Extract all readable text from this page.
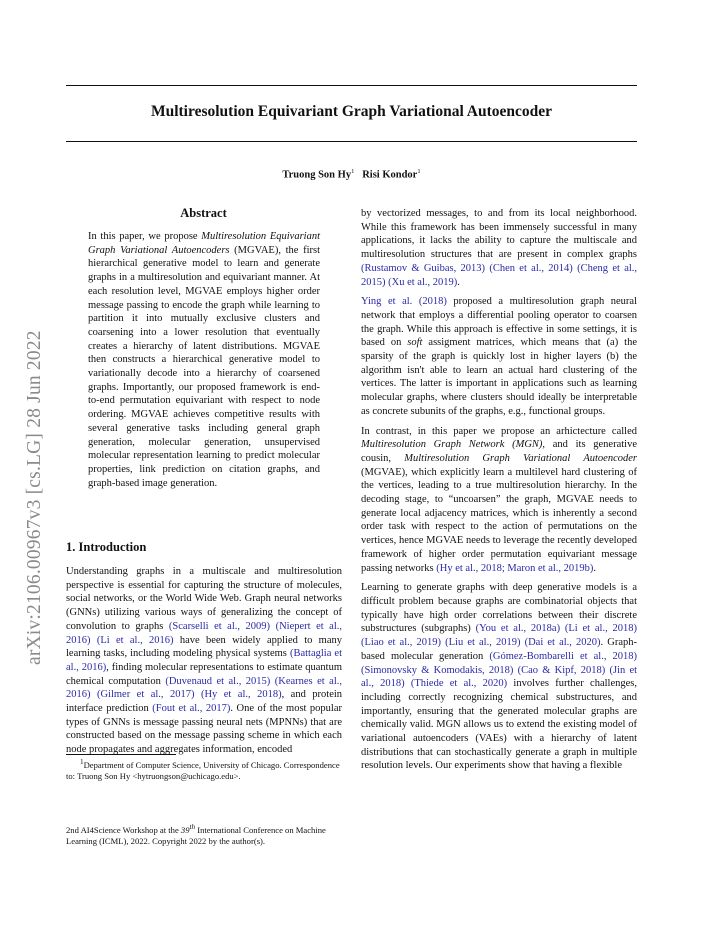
Multiresolution Equivariant Graph Variational Autoencoder
Truong Son Hy$^1$ Risi Kondor$^1$
arXiv:2106.00967v3 [cs.LG] 28 Jun 2022
Abstract

In this paper, we propose Multiresolution Equivariant Graph Variational Autoencoders (MGVAE), the first hierarchical generative model to learn and generate graphs in a multiresolution and equivariant manner. At each resolution level, MGVAE employs higher order message passing to encode the graph while learning to partition it into mutually exclusive clusters and coarsening into a lower resolution that eventually creates a hierarchy of latent distributions. MGVAE then constructs a hierarchical generative model to variationally decode into a hierarchy of coarsened graphs. Importantly, our proposed framework is end-to-end permutation equivariant with respect to node ordering. MGVAE achieves competitive results with several generative tasks including general graph generation, molecular generation, unsupervised molecular representation learning to predict molecular properties, link prediction on citation graphs, and graph-based image generation.

1. Introduction

Understanding graphs in a multiscale and multiresolution perspective is essential for capturing the structure of molecules, social networks, or the World Wide Web. Graph neural networks (GNNs) utilizing various ways of generalizing the concept of convolution to graphs (Scarselli et al., 2009) (Niepert et al., 2016) (Li et al., 2016) have been widely applied to many learning tasks, including modeling physical systems (Battaglia et al., 2016), finding molecular representations to estimate quantum chemical computation (Duvenaud et al., 2015) (Kearnes et al., 2016) (Gilmer et al., 2017) (Hy et al., 2018), and protein interface prediction (Fout et al., 2017). One of the most popular types of GNNs is message passing neural nets (MPNNs) that are constructed based on the message passing scheme in which each node propagates and aggregates information, encoded

$^1$Department of Computer Science, University of Chicago. Correspondence to: Truong Son Hy <hytruongson@uchicago.edu>.
2nd AI4Science Workshop at the 39th International Conference on Machine Learning (ICML), 2022. Copyright 2022 by the author(s).

by vectorized messages, to and from its local neighborhood. While this framework has been immensely successful in many applications, it lacks the ability to capture the multiscale and multiresolution structures that are present in complex graphs (Rustamov & Guibas, 2013) (Chen et al., 2014) (Cheng et al., 2015) (Xu et al., 2019).

Ying et al. (2018) proposed a multiresolution graph neural network that employs a differential pooling operator to coarsen the graph. While this approach is effective in some settings, it is based on soft assigment matrices, which means that (a) the sparsity of the graph is quickly lost in higher layers (b) the algorithm isn't able to learn an actual hard clustering of the vertices. The latter is important in applications such as learning molecular graphs, where clusters should ideally be interpretable as concrete subunits of the graphs, e.g., functional groups.

In contrast, in this paper we propose an arhictecture called Multiresolution Graph Network (MGN), and its generative cousin, Multiresolution Graph Variational Autoencoder (MGVAE), which explicitly learn a multilevel hard clustering of the vertices, leading to a true multiresolution hierarchy. In the decoding stage, to “uncoarsen” the graph, MGVAE needs to generate local adjacency matrices, which is inherently a second order task with respect to the action of permutations on the vertices, hence MGVAE needs to leverage the recently developed framework of higher order permutation equivariant message passing networks (Hy et al., 2018; Maron et al., 2019b).

Learning to generate graphs with deep generative models is a difficult problem because graphs are combinatorial objects that typically have high order correlations between their discrete substructures (subgraphs) (You et al., 2018a) (Li et al., 2018) (Liao et al., 2019) (Liu et al., 2019) (Dai et al., 2020). Graph-based molecular generation (Gómez-Bombarelli et al., 2018) (Simonovsky & Komodakis, 2018) (Cao & Kipf, 2018) (Jin et al., 2018) (Thiede et al., 2020) involves further challenges, including correctly recognizing chemical substructures, and importantly, ensuring that the generated molecular graphs are chemically valid. MGN allows us to extend the existing model of variational autoencoders (VAEs) with a hierarchy of latent distributions that can stochastically generate a graph in multiple resolution levels. Our experiments show that having a flexible
